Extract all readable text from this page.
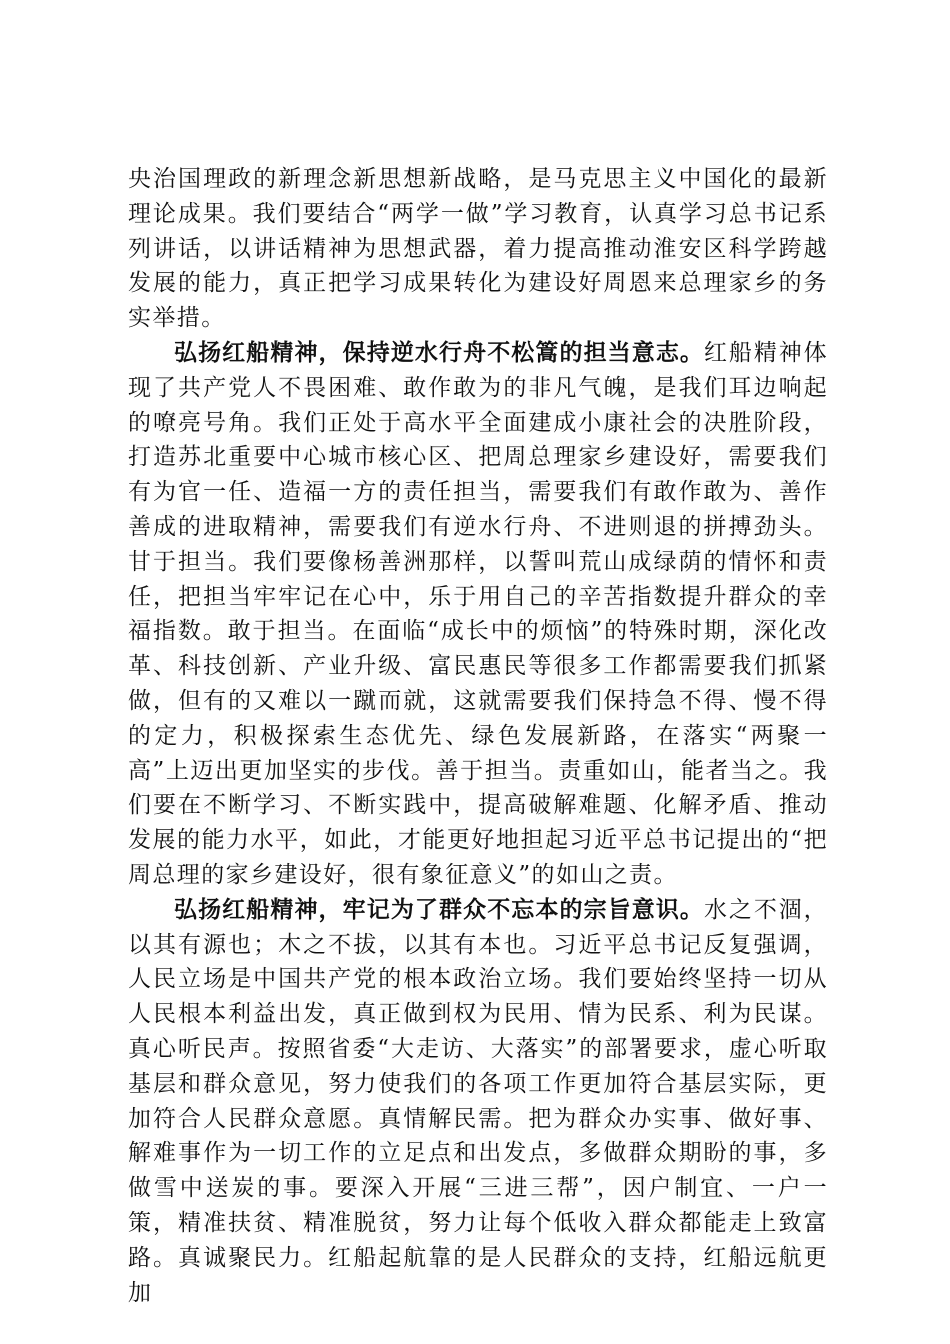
央治国理政的新理念新思想新战略，是马克思主义中国化的最新理论成果。我们要结合“两学一做”学习教育，认真学习总书记系列讲话，以讲话精神为思想武器，着力提高推动淮安区科学跨越发展的能力，真正把学习成果转化为建设好周恩来总理家乡的务实举措。

弘扬红船精神，保持逆水行舟不松篙的担当意志。红船精神体现了共产党人不畏困难、敢作敢为的非凡气魄，是我们耳边响起的嘹亮号角。我们正处于高水平全面建成小康社会的决胜阶段，打造苏北重要中心城市核心区、把周总理家乡建设好，需要我们有为官一任、造福一方的责任担当，需要我们有敢作敢为、善作善成的进取精神，需要我们有逆水行舟、不进则退的拼搏劲头。甘于担当。我们要像杨善洲那样，以誓叫荒山成绿荫的情怀和责任，把担当牢牢记在心中，乐于用自己的辛苦指数提升群众的幸福指数。敢于担当。在面临“成长中的烦恼”的特殊时期，深化改革、科技创新、产业升级、富民惠民等很多工作都需要我们抓紧做，但有的又难以一蹴而就，这就需要我们保持急不得、慢不得的定力，积极探索生态优先、绿色发展新路，在落实“两聚一高”上迈出更加坚实的步伐。善于担当。责重如山，能者当之。我们要在不断学习、不断实践中，提高破解难题、化解矛盾、推动发展的能力水平，如此，才能更好地担起习近平总书记提出的“把周总理的家乡建设好，很有象征意义”的如山之责。

弘扬红船精神，牢记为了群众不忘本的宗旨意识。水之不涸，以其有源也；木之不拔，以其有本也。习近平总书记反复强调，人民立场是中国共产党的根本政治立场。我们要始终坚持一切从人民根本利益出发，真正做到权为民用、情为民系、利为民谋。真心听民声。按照省委“大走访、大落实”的部署要求，虚心听取基层和群众意见，努力使我们的各项工作更加符合基层实际，更加符合人民群众意愿。真情解民需。把为群众办实事、做好事、解难事作为一切工作的立足点和出发点，多做群众期盼的事，多做雪中送炭的事。要深入开展“三进三帮”，因户制宜、一户一策，精准扶贫、精准脱贫，努力让每个低收入群众都能走上致富路。真诚聚民力。红船起航靠的是人民群众的支持，红船远航更加
